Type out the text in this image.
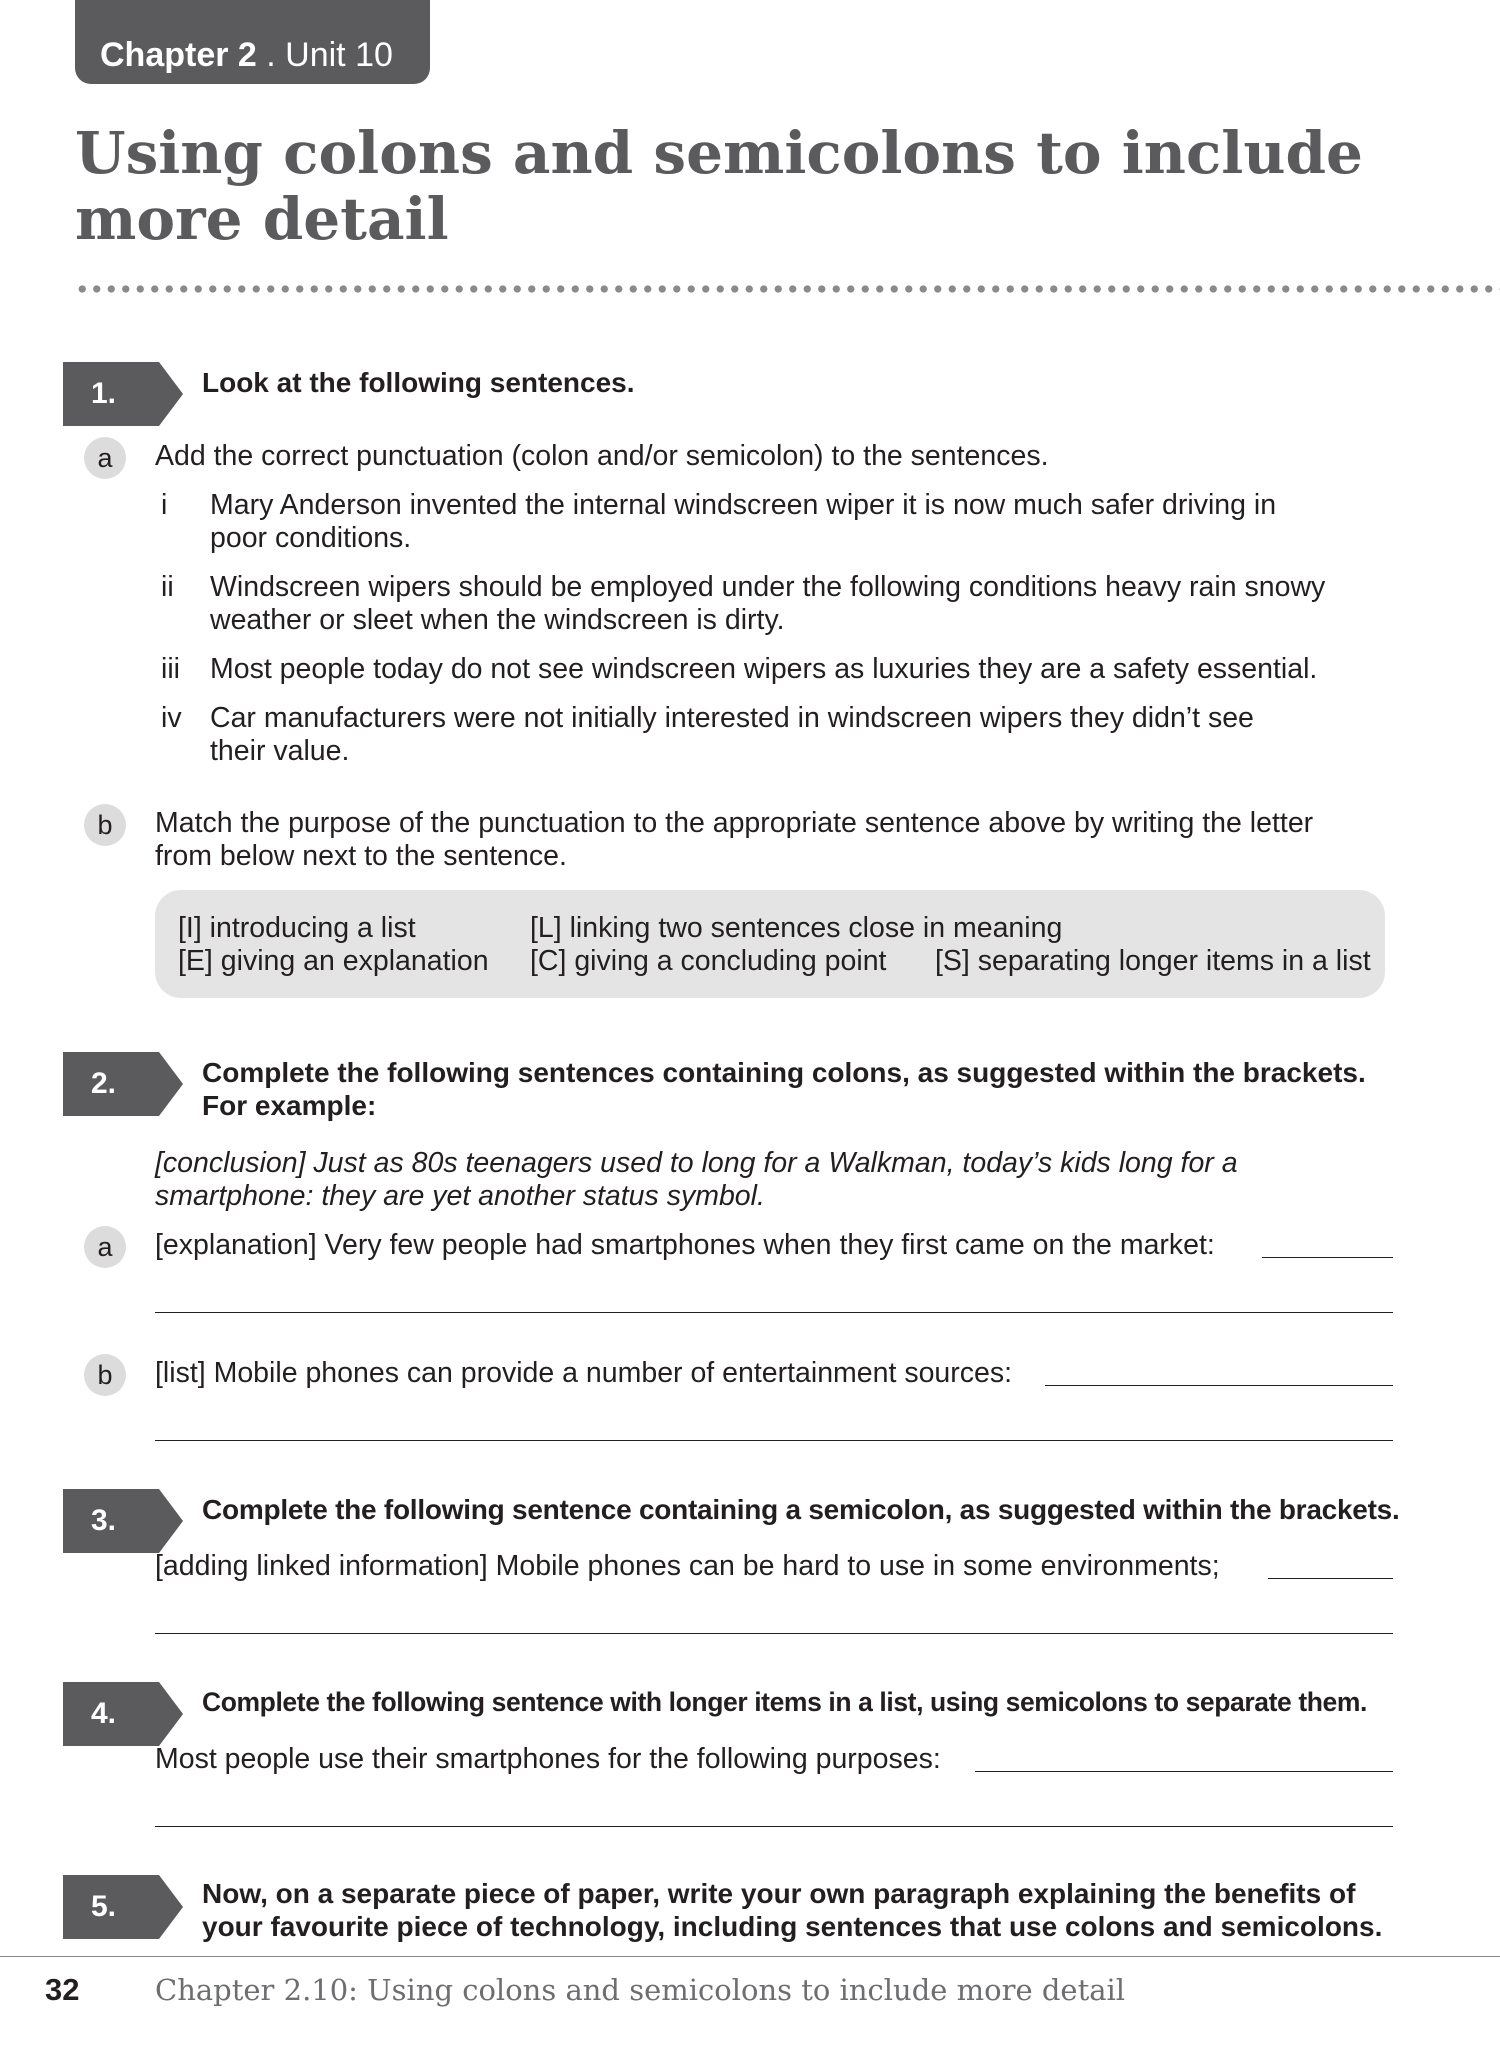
Chapter 2 . Unit 10
Using colons and semicolons to include
more detail
1.	Look at the following sentences.

a	Add the correct punctuation (colon and/or semicolon) to the sentences.

i Mary Anderson invented the internal windscreen wiper it is now much safer driving in
poor conditions.

ii Windscreen wipers should be employed under the following conditions heavy rain snowy
weather or sleet when the windscreen is dirty.

iii Most people today do not see windscreen wipers as luxuries they are a safety essential.

iv Car manufacturers were not initially interested in windscreen wipers they didn’t see
their value.

b	Match the purpose of the punctuation to the appropriate sentence above by writing the letter
from below next to the sentence.

[I] introducing a list	[L] linking two sentences close in meaning
[E] giving an explanation [C] giving a concluding point [S] separating longer items in a list
2.	Complete the following sentences containing colons, as suggested within the brackets.
For example:

[conclusion] Just as 80s teenagers used to long for a Walkman, today’s kids long for a
smartphone: they are yet another status symbol.

a	[explanation] Very few people had smartphones when they first came on the market:

b	[list] Mobile phones can provide a number of entertainment sources:

3.	Complete the following sentence containing a semicolon, as suggested within the brackets.

[adding linked information] Mobile phones can be hard to use in some environments;

4.	Complete the following sentence with longer items in a list, using semicolons to separate them.

Most people use their smartphones for the following purposes:

5.	Now, on a separate piece of paper, write your own paragraph explaining the benefits of
your favourite piece of technology, including sentences that use colons and semicolons.

32	Chapter 2.10: Using colons and semicolons to include more detail
